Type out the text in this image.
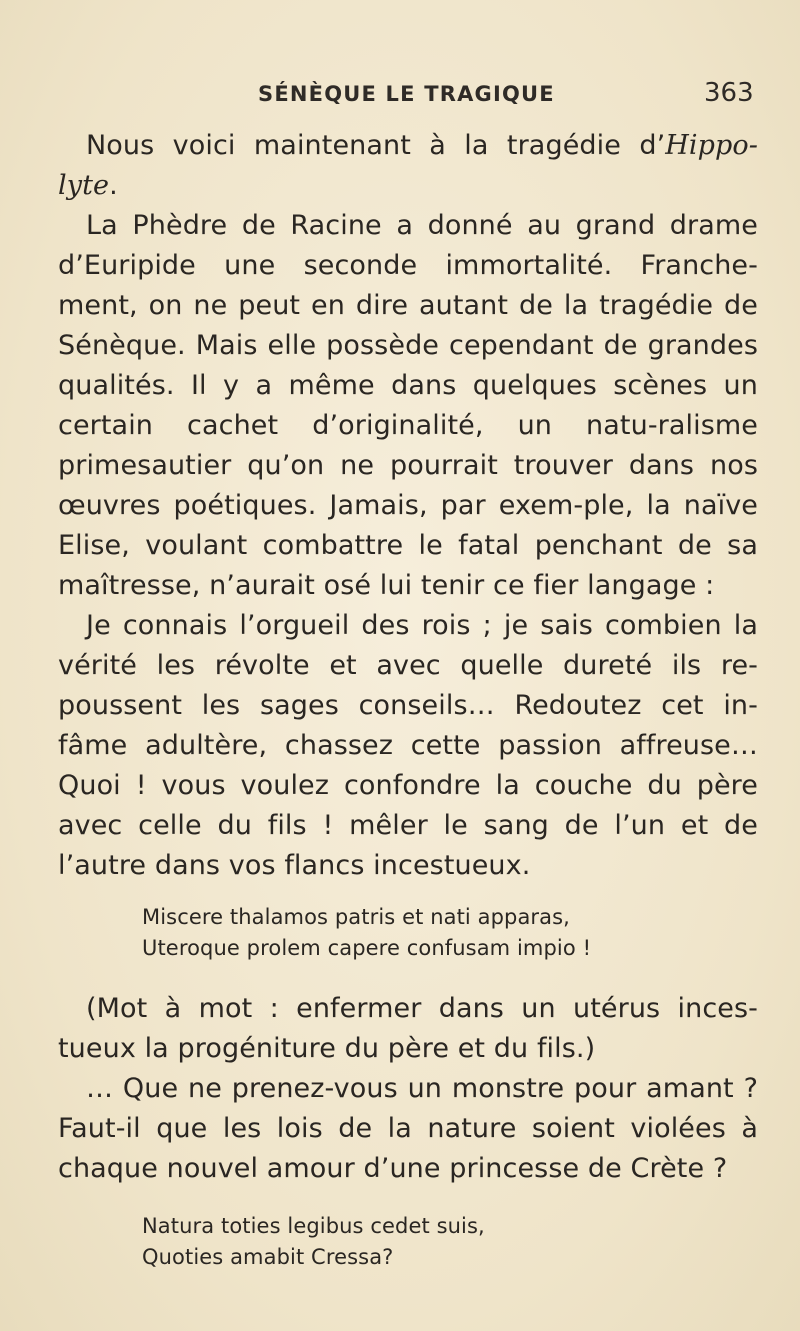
SÉNÈQUE LE TRAGIQUE	363

Nous voici maintenant à la tragédie d’Hippo-lyte.

La Phèdre de Racine a donné au grand drame d’Euripide une seconde immortalité. Franche-ment, on ne peut en dire autant de la tragédie de Sénèque. Mais elle possède cependant de grandes qualités. Il y a même dans quelques scènes un certain cachet d’originalité, un natu-ralisme primesautier qu’on ne pourrait trouver dans nos œuvres poétiques. Jamais, par exem-ple, la naïve Elise, voulant combattre le fatal penchant de sa maîtresse, n’aurait osé lui tenir ce fier langage :

Je connais l’orgueil des rois ; je sais combien la vérité les révolte et avec quelle dureté ils re-poussent les sages conseils… Redoutez cet in-fâme adultère, chassez cette passion affreuse… Quoi ! vous voulez confondre la couche du père avec celle du fils ! mêler le sang de l’un et de l’autre dans vos flancs incestueux.

Miscere thalamos patris et nati apparas,
Uteroque prolem capere confusam impio !

(Mot à mot : enfermer dans un utérus inces-tueux la progéniture du père et du fils.)

… Que ne prenez-vous un monstre pour amant ? Faut-il que les lois de la nature soient violées à chaque nouvel amour d’une princesse de Crète ?

Natura toties legibus cedet suis,
Quoties amabit Cressa?
